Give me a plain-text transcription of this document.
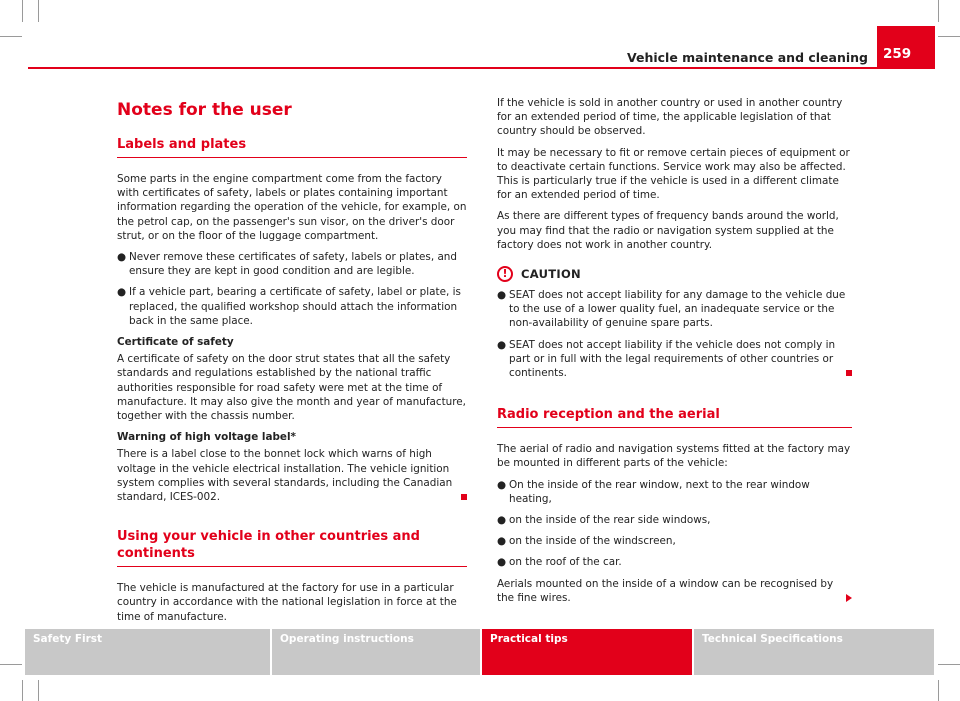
Vehicle maintenance and cleaning 259
Notes for the user
Labels and plates

Some parts in the engine compartment come from the factory with certificates of safety, labels or plates containing important information regarding the operation of the vehicle, for example, on the petrol cap, on the passenger's sun visor, on the driver's door strut, or on the floor of the luggage compartment.

● Never remove these certificates of safety, labels or plates, and ensure they are kept in good condition and are legible.
● If a vehicle part, bearing a certificate of safety, label or plate, is replaced, the qualified workshop should attach the information back in the same place.
Certificate of safety

A certificate of safety on the door strut states that all the safety standards and regulations established by the national traffic authorities responsible for road safety were met at the time of manufacture. It may also give the month and year of manufacture, together with the chassis number.

Warning of high voltage label*

There is a label close to the bonnet lock which warns of high voltage in the vehicle electrical installation. The vehicle ignition system complies with several standards, including the Canadian standard, ICES-002.

Using your vehicle in other countries and continents

The vehicle is manufactured at the factory for use in a particular country in accordance with the national legislation in force at the time of manufacture.

If the vehicle is sold in another country or used in another country for an extended period of time, the applicable legislation of that country should be observed.

It may be necessary to fit or remove certain pieces of equipment or to deactivate certain functions. Service work may also be affected. This is particularly true if the vehicle is used in a different climate for an extended period of time.

As there are different types of frequency bands around the world, you may find that the radio or navigation system supplied at the factory does not work in another country.

!	CAUTION
● SEAT does not accept liability for any damage to the vehicle due to the use of a lower quality fuel, an inadequate service or the non-availability of genuine spare parts.
● SEAT does not accept liability if the vehicle does not comply in part or in full with the legal requirements of other countries or continents.
Radio reception and the aerial

The aerial of radio and navigation systems fitted at the factory may be mounted in different parts of the vehicle:

● On the inside of the rear window, next to the rear window heating,
● on the inside of the rear side windows,
● on the inside of the windscreen,
● on the roof of the car.

Aerials mounted on the inside of a window can be recognised by the fine wires.

Safety First	Operating instructions	Practical tips	Technical Specifications
